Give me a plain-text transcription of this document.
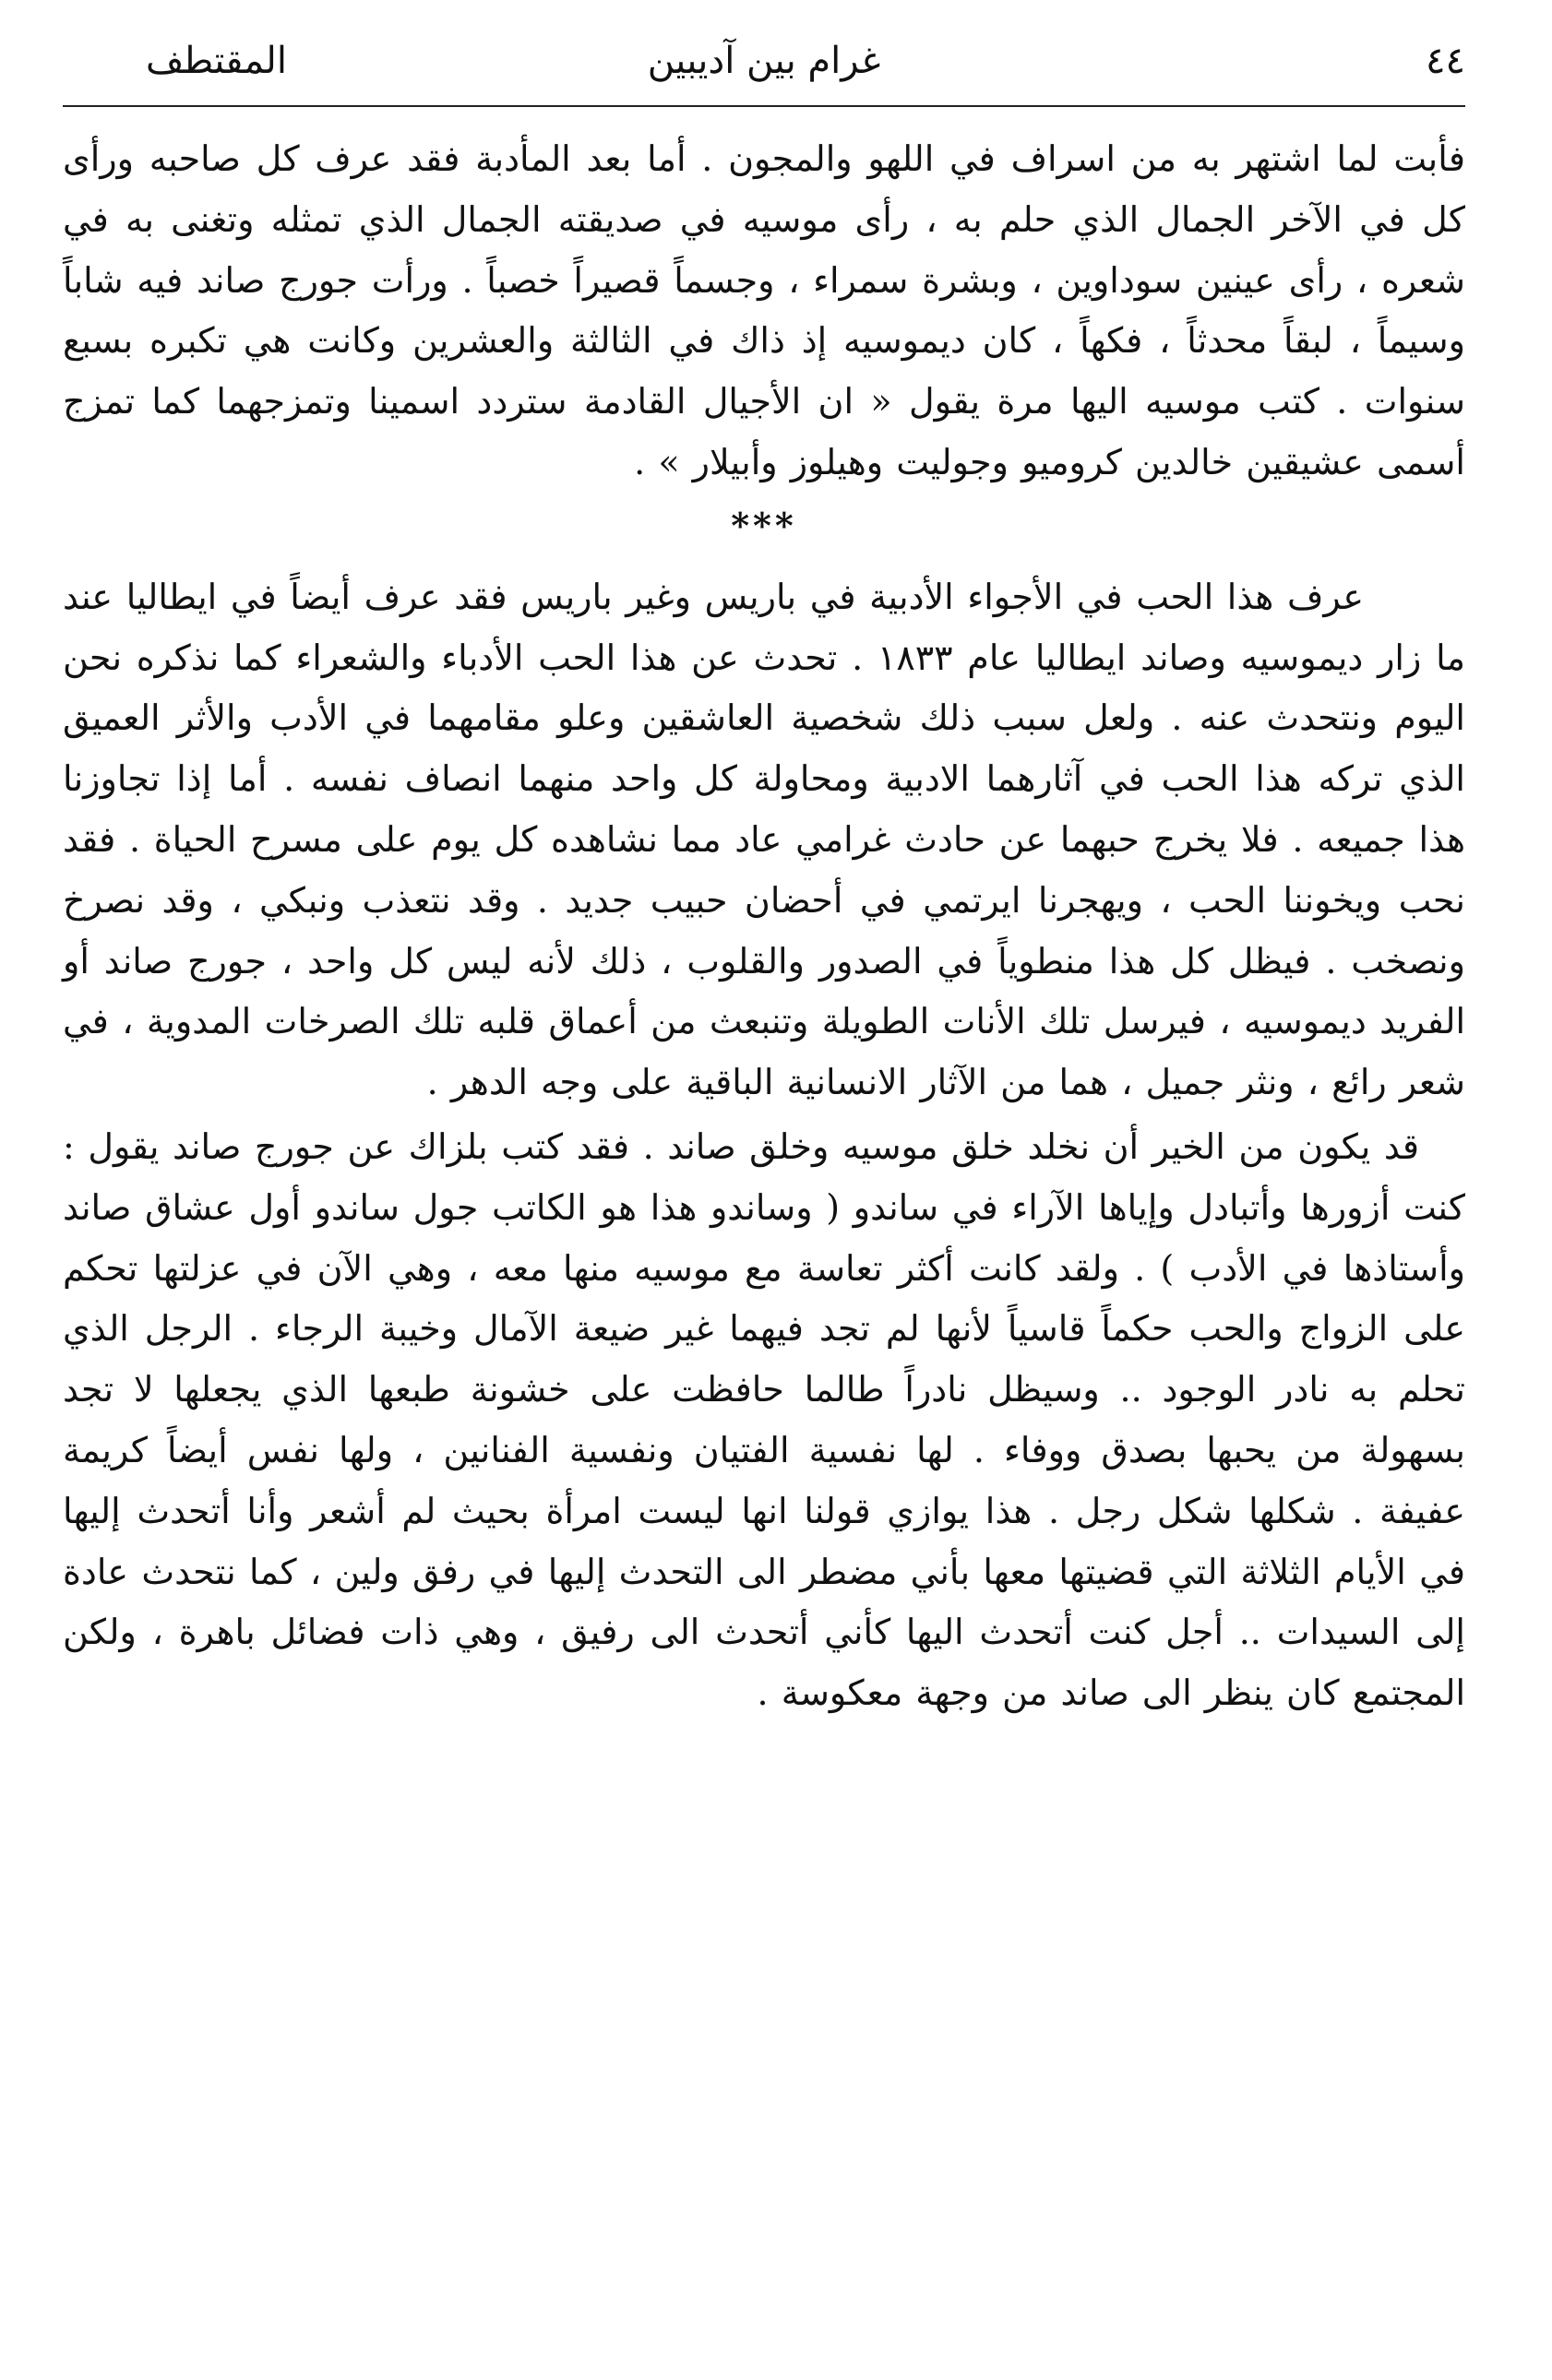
٤٤
غرام بين آديبين
المقتطف

فأبت لما اشتهر به من اسراف في اللهو والمجون . أما بعد المأدبة فقد عرف كل صاحبه ورأى كل في الآخر الجمال الذي حلم به ، رأى موسيه في صديقته الجمال الذي تمثله وتغنى به في شعره ، رأى عينين سوداوين ، وبشرة سمراء ، وجسماً قصيراً خصباً . ورأت جورج صاند فيه شاباً وسيماً ، لبقاً محدثاً ، فكهاً ، كان ديموسيه إذ ذاك في الثالثة والعشرين وكانت هي تكبره بسبع سنوات . كتب موسيه اليها مرة يقول « ان الأجيال القادمة ستردد اسمينا وتمزجهما كما تمزج أسمى عشيقين خالدين كروميو وجوليت وهيلوز وأبيلار » .

***

عرف هذا الحب في الأجواء الأدبية في باريس وغير باريس فقد عرف أيضاً في ايطاليا عند ما زار ديموسيه وصاند ايطاليا عام ١٨٣٣ . تحدث عن هذا الحب الأدباء والشعراء كما نذكره نحن اليوم ونتحدث عنه . ولعل سبب ذلك شخصية العاشقين وعلو مقامهما في الأدب والأثر العميق الذي تركه هذا الحب في آثارهما الادبية ومحاولة كل واحد منهما انصاف نفسه . أما إذا تجاوزنا هذا جميعه . فلا يخرج حبهما عن حادث غرامي عاد مما نشاهده كل يوم على مسرح الحياة . فقد نحب ويخوننا الحب ، ويهجرنا ايرتمي في أحضان حبيب جديد . وقد نتعذب ونبكي ، وقد نصرخ ونصخب . فيظل كل هذا منطوياً في الصدور والقلوب ، ذلك لأنه ليس كل واحد ، جورج صاند أو الفريد ديموسيه ، فيرسل تلك الأنات الطويلة وتنبعث من أعماق قلبه تلك الصرخات المدوية ، في شعر رائع ، ونثر جميل ، هما من الآثار الانسانية الباقية على وجه الدهر .

قد يكون من الخير أن نخلد خلق موسيه وخلق صاند . فقد كتب بلزاك عن جورج صاند يقول : كنت أزورها وأتبادل وإياها الآراء في ساندو ( وساندو هذا هو الكاتب جول ساندو أول عشاق صاند وأستاذها في الأدب ) . ولقد كانت أكثر تعاسة مع موسيه منها معه ، وهي الآن في عزلتها تحكم على الزواج والحب حكماً قاسياً لأنها لم تجد فيهما غير ضيعة الآمال وخيبة الرجاء . الرجل الذي تحلم به نادر الوجود .. وسيظل نادراً طالما حافظت على خشونة طبعها الذي يجعلها لا تجد بسهولة من يحبها بصدق ووفاء . لها نفسية الفتيان ونفسية الفنانين ، ولها نفس أيضاً كريمة عفيفة . شكلها شكل رجل . هذا يوازي قولنا انها ليست امرأة بحيث لم أشعر وأنا أتحدث إليها في الأيام الثلاثة التي قضيتها معها بأني مضطر الى التحدث إليها في رفق ولين ، كما نتحدث عادة إلى السيدات .. أجل كنت أتحدث اليها كأني أتحدث الى رفيق ، وهي ذات فضائل باهرة ، ولكن المجتمع كان ينظر الى صاند من وجهة معكوسة .
